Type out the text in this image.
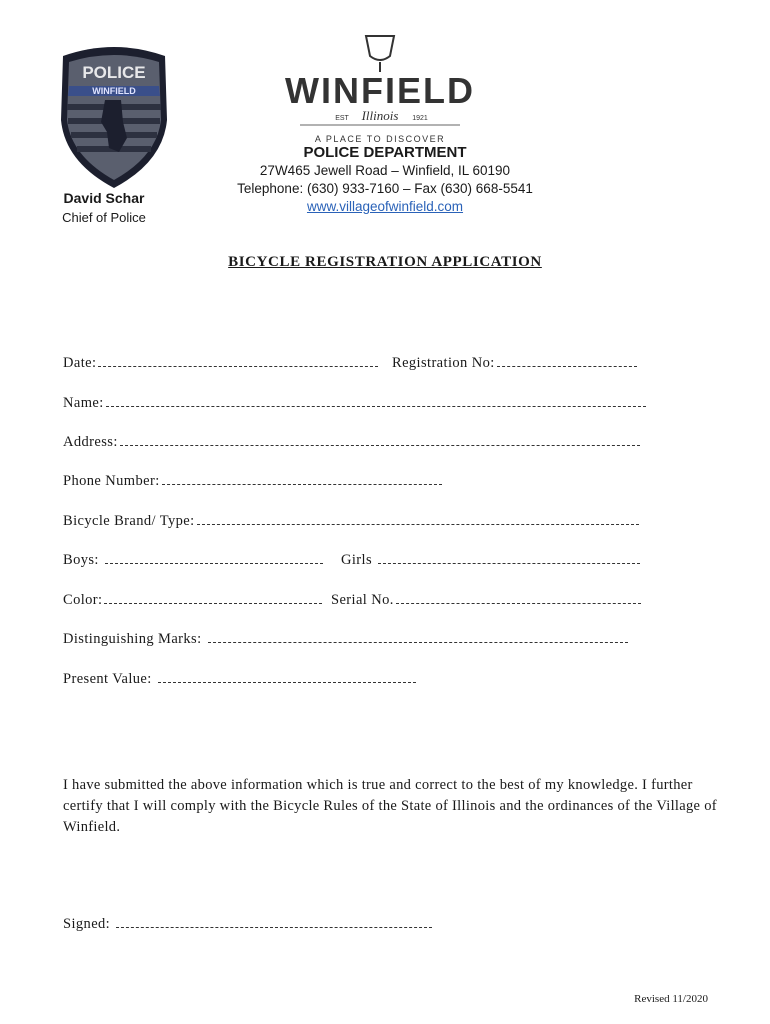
POLICE
WINFIELD
David Schar
Chief of Police
WINFIELD
EST Illinois 1921
A PLACE TO DISCOVER
POLICE DEPARTMENT
27W465 Jewell Road – Winfield, IL 60190
Telephone: (630) 933-7160 – Fax (630) 668-5541
www.villageofwinfield.com
BICYCLE REGISTRATION APPLICATION
Date:	Registration No:
Name:
Address:
Phone Number:
Bicycle Brand/ Type:
Boys:	Girls
Color:	Serial No.
Distinguishing Marks:
Present Value:
I have submitted the above information which is true and correct to the best of my knowledge. I further certify that I will comply with the Bicycle Rules of the State of Illinois and the ordinances of the Village of Winfield.
Signed:
Revised 11/2020
